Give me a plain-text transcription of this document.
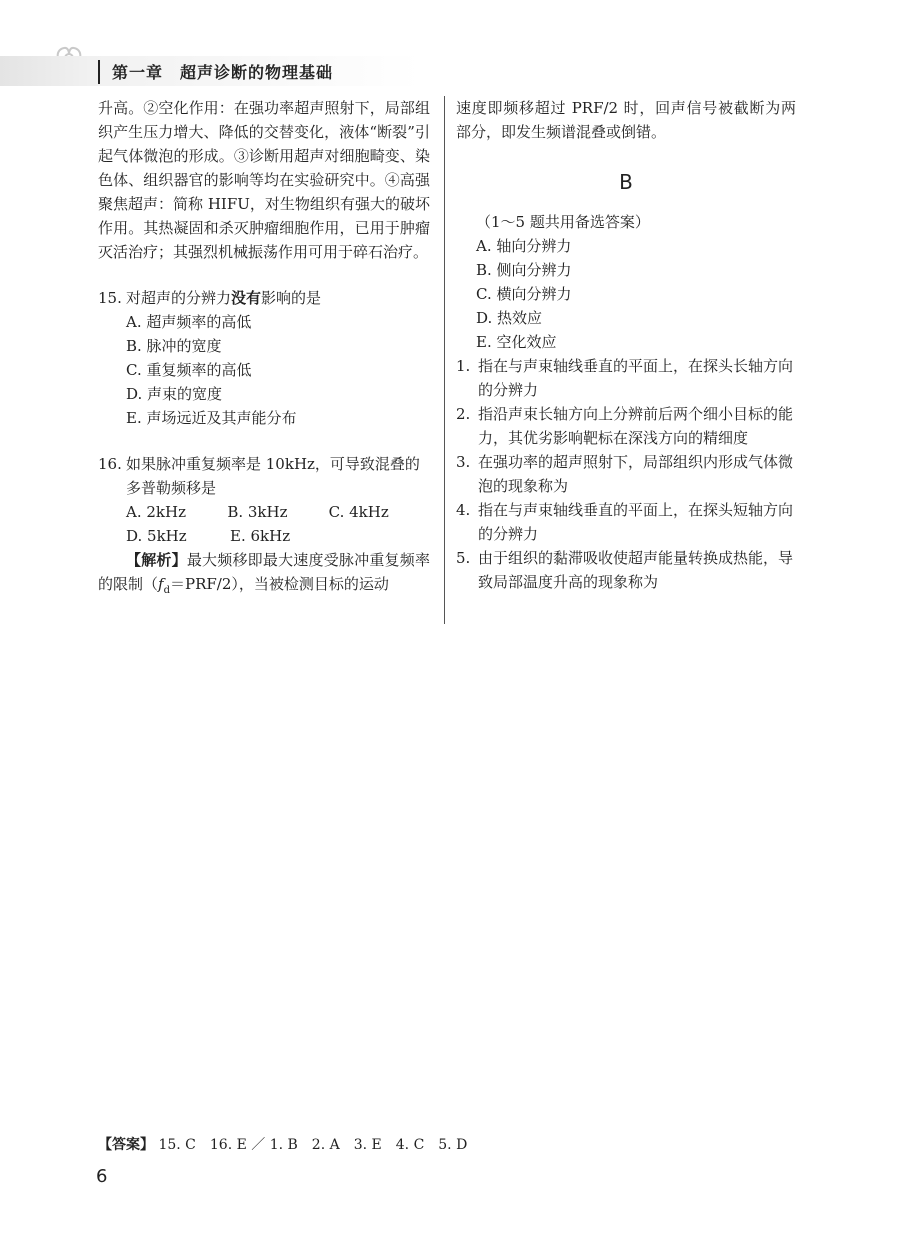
第一章　超声诊断的物理基础

升高。②空化作用：在强功率超声照射下，局部组织产生压力增大、降低的交替变化，液体“断裂”引起气体微泡的形成。③诊断用超声对细胞畸变、染色体、组织器官的影响等均在实验研究中。④高强聚焦超声：简称 HIFU，对生物组织有强大的破坏作用。其热凝固和杀灭肿瘤细胞作用，已用于肿瘤灭活治疗；其强烈机械振荡作用可用于碎石治疗。

15. 对超声的分辨力没有影响的是
A. 超声频率的高低
B. 脉冲的宽度
C. 重复频率的高低
D. 声束的宽度
E. 声场远近及其声能分布
16. 如果脉冲重复频率是 10kHz，可导致混叠的多普勒频移是
A. 2kHz	B. 3kHz	C. 4kHz
D. 5kHz	E. 6kHz
【解析】最大频移即最大速度受脉冲重复频率的限制$(f_d=PRF/2)$，当被检测目标的运动

速度即频移超过 PRF/2 时，回声信号被截断为两部分，即发生频谱混叠或倒错。

B
（1～5 题共用备选答案）
A. 轴向分辨力
B. 侧向分辨力
C. 横向分辨力
D. 热效应
E. 空化效应
1. 指在与声束轴线垂直的平面上，在探头长轴方向的分辨力
2. 指沿声束长轴方向上分辨前后两个细小目标的能力，其优劣影响靶标在深浅方向的精细度
3. 在强功率的超声照射下，局部组织内形成气体微泡的现象称为
4. 指在与声束轴线垂直的平面上，在探头短轴方向的分辨力
5. 由于组织的黏滞吸收使超声能量转换成热能，导致局部温度升高的现象称为
【答案】 15. C　16. E ／ 1. B　2. A　3. E　4. C　5. D
6
